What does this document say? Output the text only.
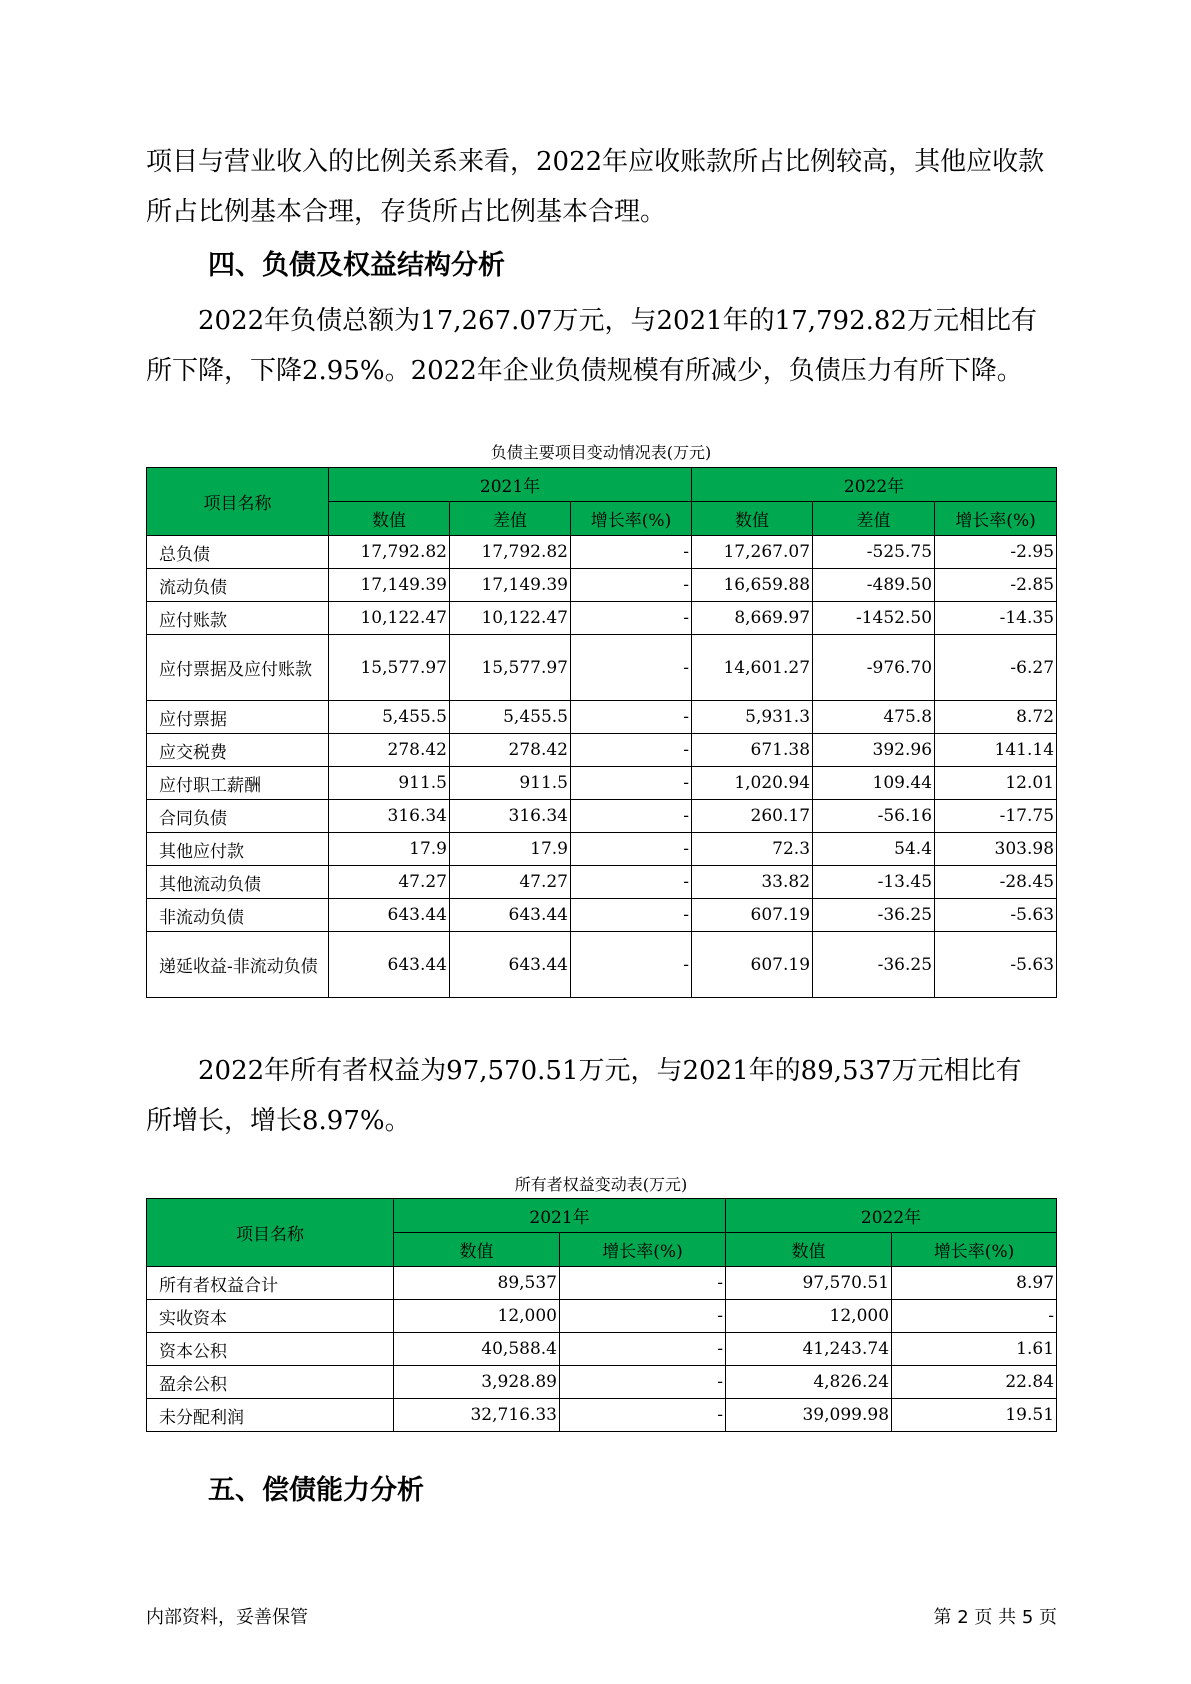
项目与营业收入的比例关系来看，2022年应收账款所占比例较高，其他应收款所占比例基本合理，存货所占比例基本合理。

四、负债及权益结构分析

2022年负债总额为17,267.07万元，与2021年的17,792.82万元相比有所下降，下降2.95%。2022年企业负债规模有所减少，负债压力有所下降。

负债主要项目变动情况表(万元)
项目名称	2021年			2022年		
	数值	差值	增长率(%)	数值	差值	增长率(%)
总负债	17,792.82	17,792.82	-	17,267.07	-525.75	-2.95
流动负债	17,149.39	17,149.39	-	16,659.88	-489.50	-2.85
应付账款	10,122.47	10,122.47	-	8,669.97	-1452.50	-14.35
应付票据及应付账款	15,577.97	15,577.97	-	14,601.27	-976.70	-6.27
应付票据	5,455.5	5,455.5	-	5,931.3	475.8	8.72
应交税费	278.42	278.42	-	671.38	392.96	141.14
应付职工薪酬	911.5	911.5	-	1,020.94	109.44	12.01
合同负债	316.34	316.34	-	260.17	-56.16	-17.75
其他应付款	17.9	17.9	-	72.3	54.4	303.98
其他流动负债	47.27	47.27	-	33.82	-13.45	-28.45
非流动负债	643.44	643.44	-	607.19	-36.25	-5.63
递延收益-非流动负债	643.44	643.44	-	607.19	-36.25	-5.63

2022年所有者权益为97,570.51万元，与2021年的89,537万元相比有所增长，增长8.97%。

所有者权益变动表(万元)
项目名称	2021年		2022年	
	数值	增长率(%)	数值	增长率(%)
所有者权益合计	89,537	-	97,570.51	8.97
实收资本	12,000	-	12,000	-
资本公积	40,588.4	-	41,243.74	1.61
盈余公积	3,928.89	-	4,826.24	22.84
未分配利润	32,716.33	-	39,099.98	19.51
五、偿债能力分析
内部资料，妥善保管	第 2 页 共 5 页
